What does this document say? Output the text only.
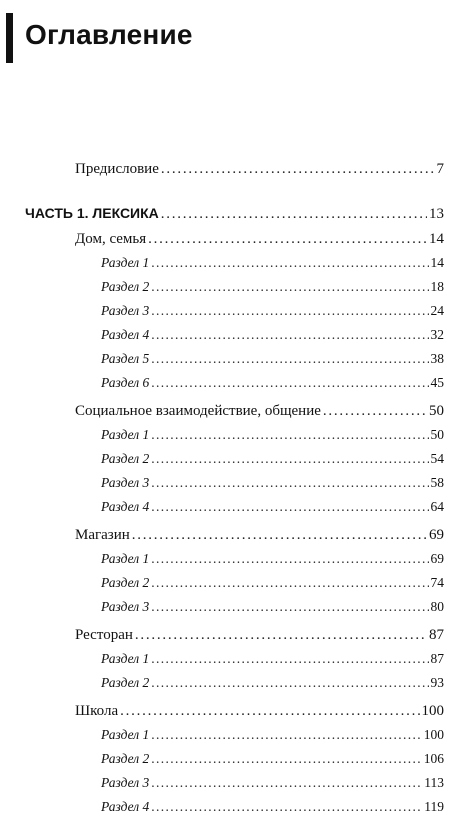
Оглавление
Предисловие . . .	7
ЧАСТЬ 1. ЛЕКСИКА . . .	13
Дом, семья . . .	14
Раздел 1 . . .	14
Раздел 2 . . .	18
Раздел 3 . . .	24
Раздел 4 . . .	32
Раздел 5 . . .	38
Раздел 6 . . .	45
Социальное взаимодействие, общение . . .	50
Раздел 1 . . .	50
Раздел 2 . . .	54
Раздел 3 . . .	58
Раздел 4 . . .	64
Магазин . . .	69
Раздел 1 . . .	69
Раздел 2 . . .	74
Раздел 3 . . .	80
Ресторан . . .	87
Раздел 1 . . .	87
Раздел 2 . . .	93
Школа . . .	100
Раздел 1 . . .	100
Раздел 2 . . .	106
Раздел 3 . . .	113
Раздел 4 . . .	119
